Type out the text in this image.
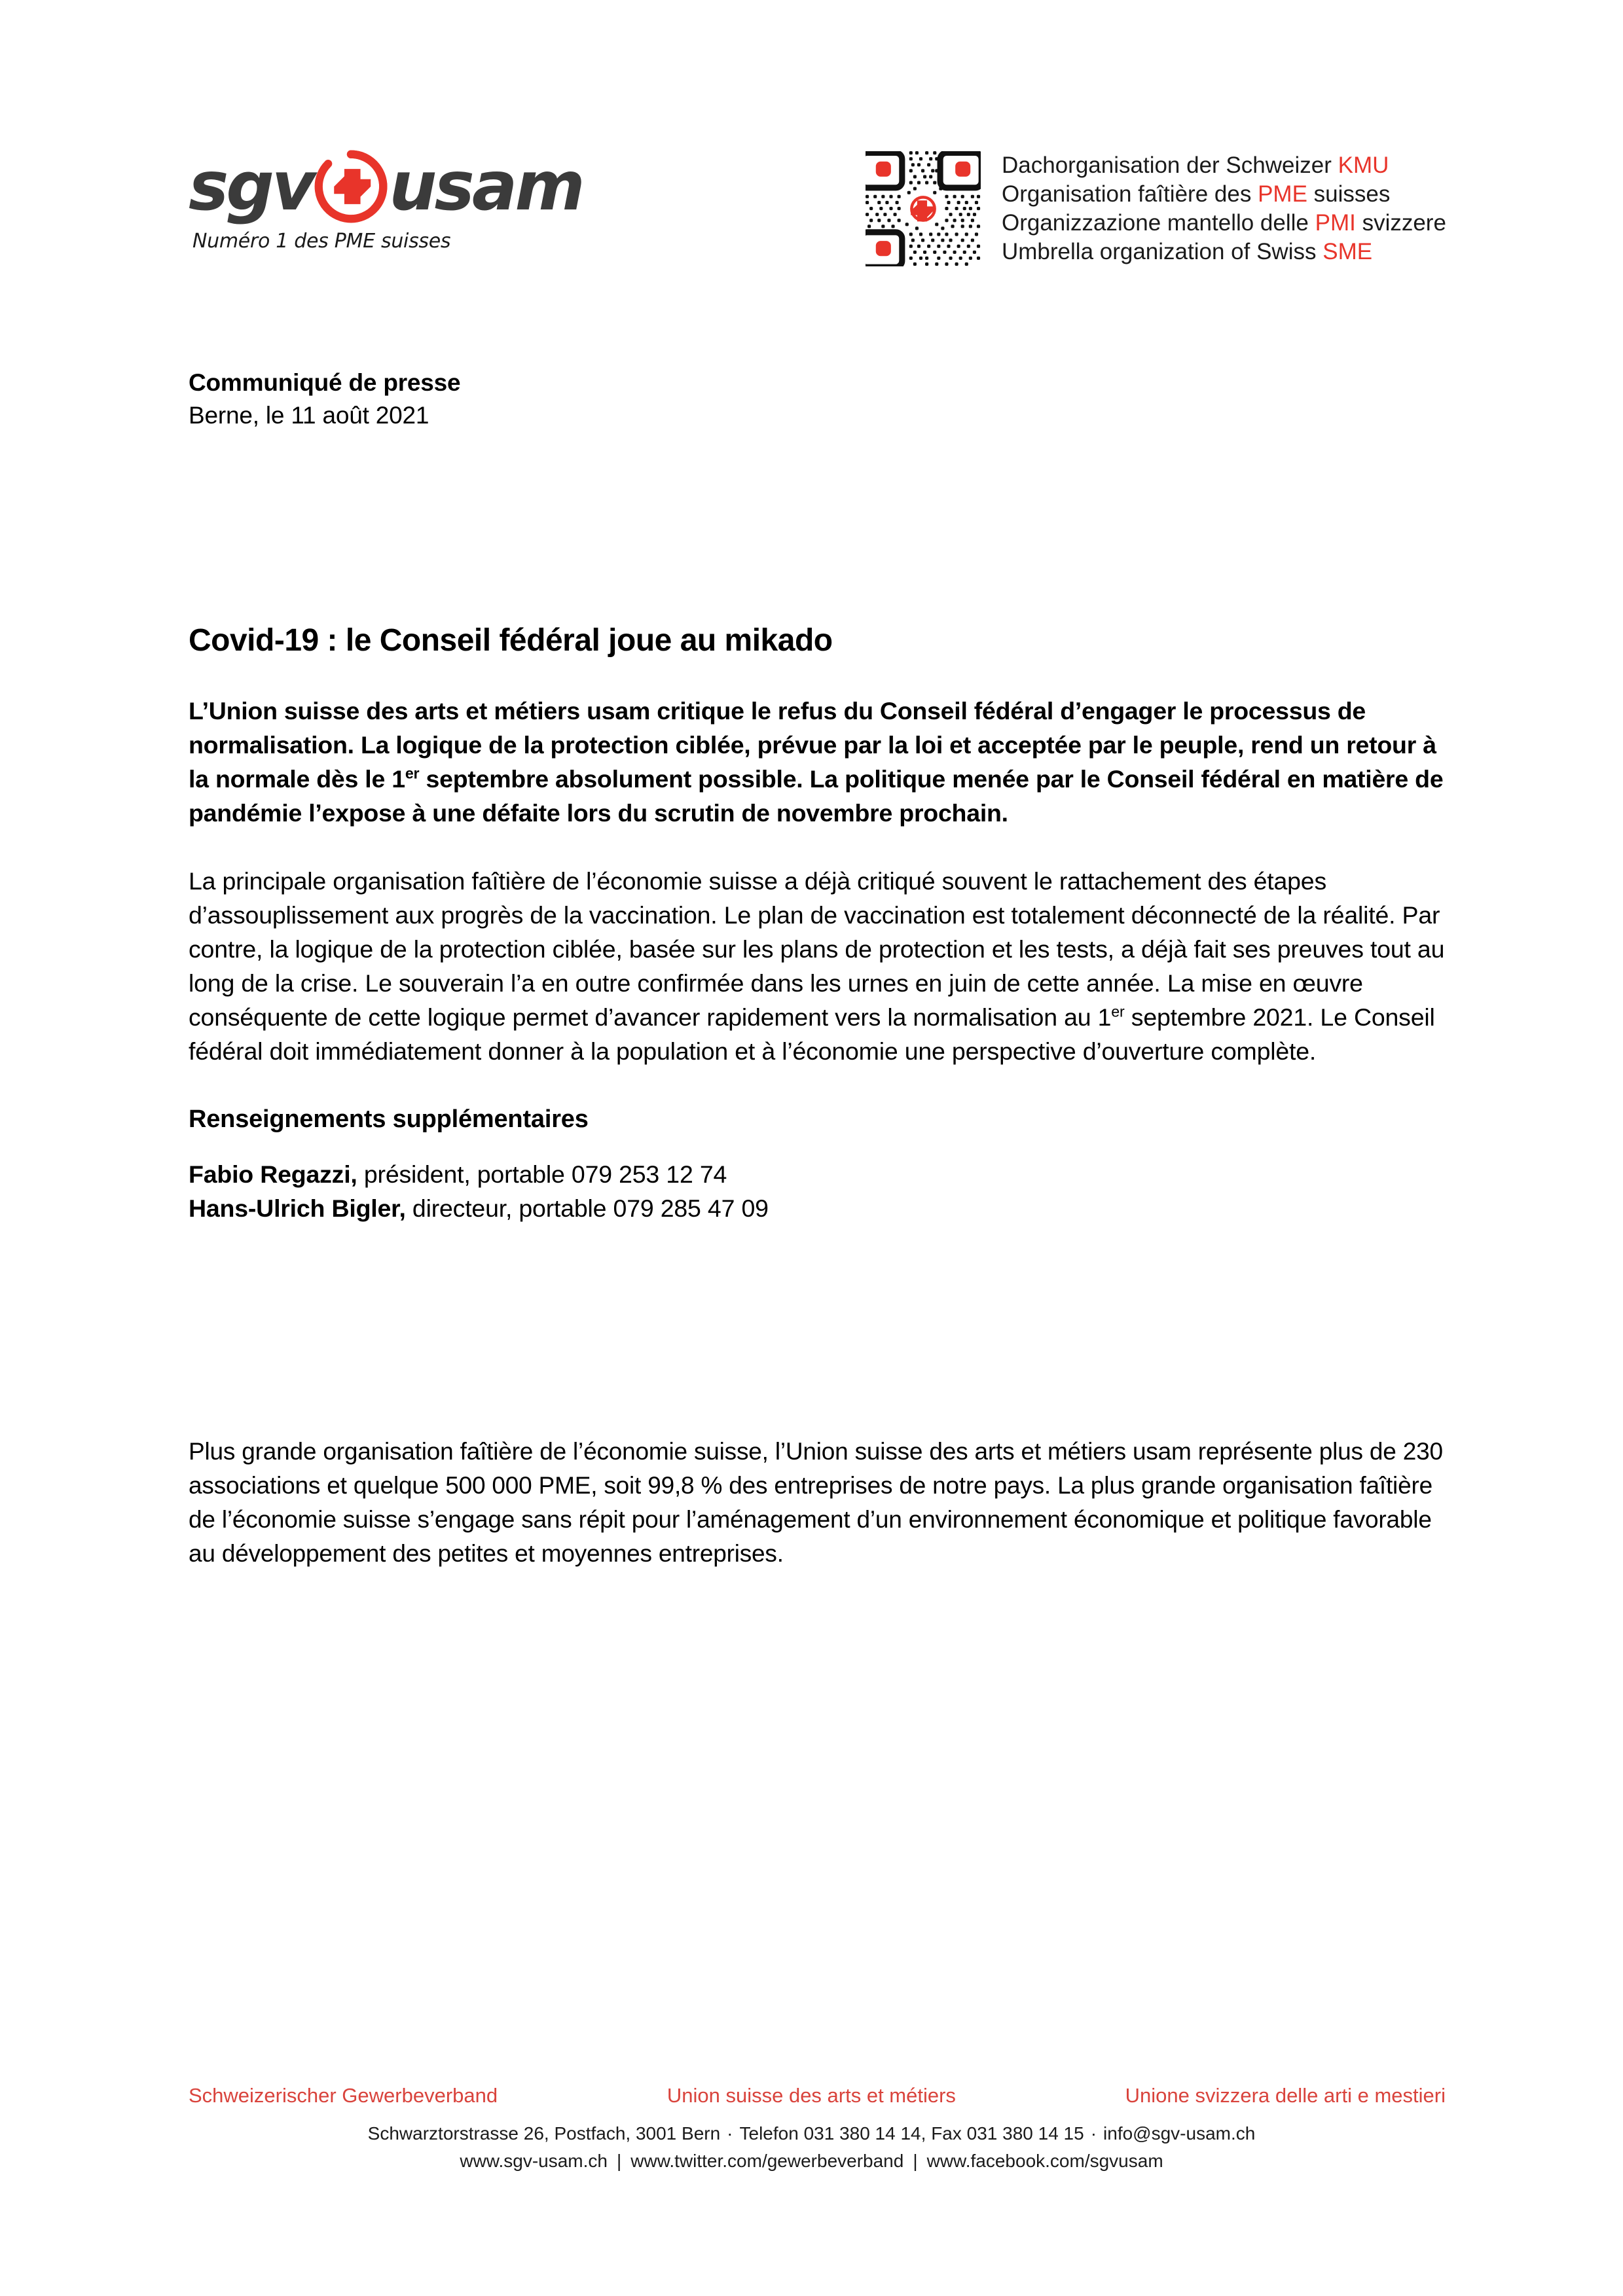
sgv usam
Numéro 1 des PME suisses
Dachorganisation der Schweizer KMU
Organisation faîtière des PME suisses
Organizzazione mantello delle PMI svizzere
Umbrella organization of Swiss SME
Communiqué de presse
Berne, le 11 août 2021
Covid-19 : le Conseil fédéral joue au mikado

L’Union suisse des arts et métiers usam critique le refus du Conseil fédéral d’engager le processus de normalisation. La logique de la protection ciblée, prévue par la loi et acceptée par le peuple, rend un retour à la normale dès le 1er septembre absolument possible. La politique menée par le Conseil fédéral en matière de pandémie l’expose à une défaite lors du scrutin de novembre prochain.

La principale organisation faîtière de l’économie suisse a déjà critiqué souvent le rattachement des étapes d’assouplissement aux progrès de la vaccination. Le plan de vaccination est totalement déconnecté de la réalité. Par contre, la logique de la protection ciblée, basée sur les plans de protection et les tests, a déjà fait ses preuves tout au long de la crise. Le souverain l’a en outre confirmée dans les urnes en juin de cette année. La mise en œuvre conséquente de cette logique permet d’avancer rapidement vers la normalisation au 1er septembre 2021. Le Conseil fédéral doit immédiatement donner à la population et à l’économie une perspective d’ouverture complète.

Renseignements supplémentaires
Fabio Regazzi, président, portable 079 253 12 74
Hans-Ulrich Bigler, directeur, portable 079 285 47 09

Plus grande organisation faîtière de l’économie suisse, l’Union suisse des arts et métiers usam représente plus de 230 associations et quelque 500 000 PME, soit 99,8 % des entreprises de notre pays. La plus grande organisation faîtière de l’économie suisse s’engage sans répit pour l’aménagement d’un environnement économique et politique favorable au développement des petites et moyennes entreprises.

Schweizerischer Gewerbeverband	Union suisse des arts et métiers	Unione svizzera delle arti e mestieri
Schwarztorstrasse 26, Postfach, 3001 Bern · Telefon 031 380 14 14, Fax 031 380 14 15 · info@sgv-usam.ch
www.sgv-usam.ch | www.twitter.com/gewerbeverband | www.facebook.com/sgvusam
